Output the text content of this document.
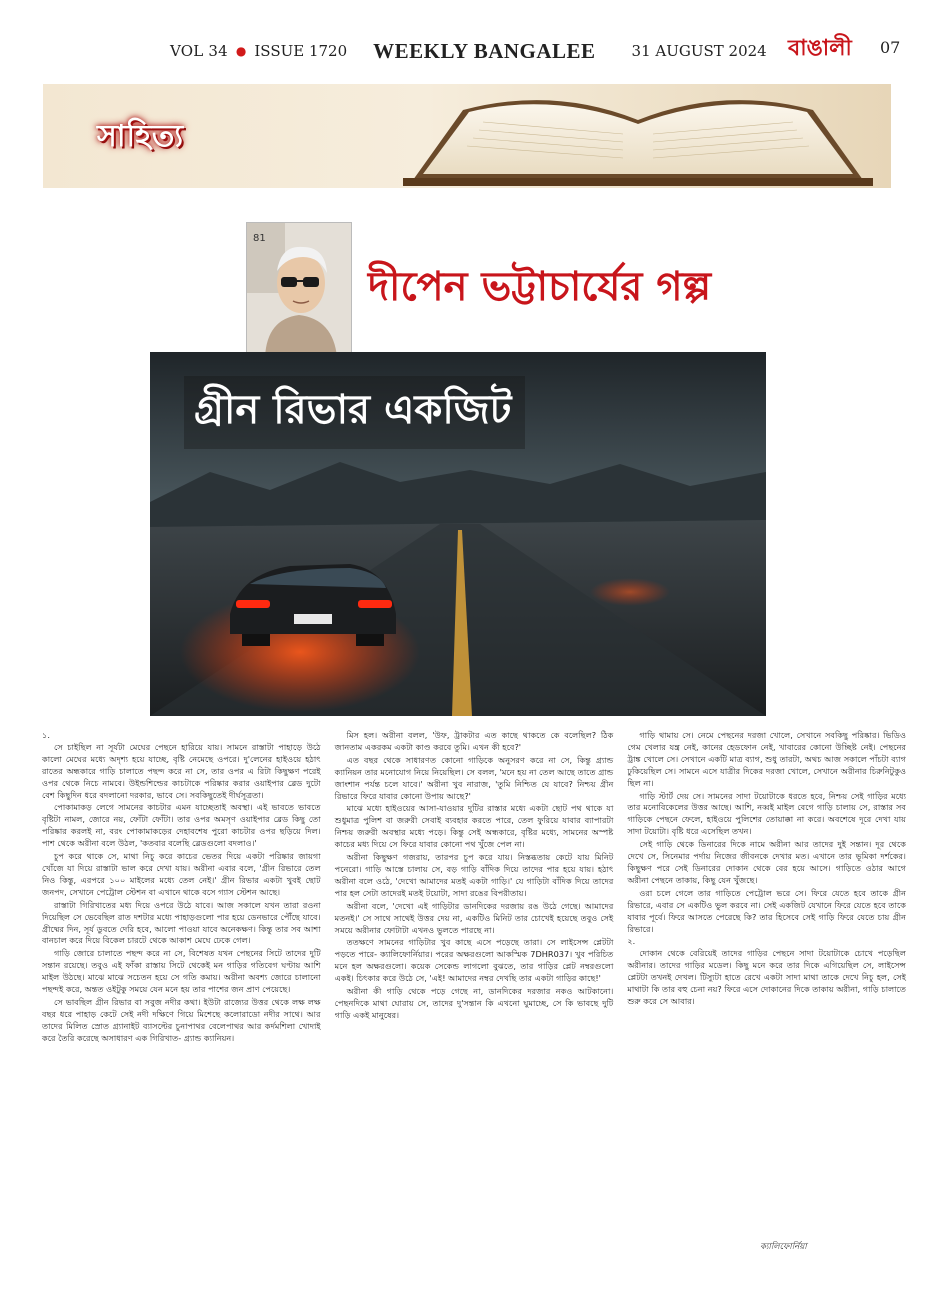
VOL 34 ● ISSUE 1720 WEEKLY BANGALEE 31 AUGUST 2024 বাঙালী 07
সাহিত্য
81
দীপেন ভট্টাচার্যের গল্প
গ্রীন রিভার একজিট

১.

সে চাইছিল না সূর্যটা মেঘের পেছনে হারিয়ে যায়। সামনে রাস্তাটা পাহাড়ে উঠে কালো মেঘের মধ্যে অদৃশ্য হয়ে যাচ্ছে, বৃষ্টি নেমেছে ওপরে। দু'লেনের হাইওয়ে হঠাৎ রাতের অন্ধকারে গাড়ি চালাতে পছন্দ করে না সে, তার ওপর এ রিটা কিছুক্ষণ পরেই ওপর থেকে নিচে নামবে। উইন্ডশিল্ডের কাচটাকে পরিষ্কার করার ওয়াইপার ব্লেড দুটো বেশ কিছুদিন ধরে বদলানো দরকার, ভাবে সে। সবকিছুতেই দীর্ঘসূত্রতা।

পোকামাকড় লেগে সামনের কাচটার এমন যাচ্ছেতাই অবস্থা। এই ভাবতে ভাবতে বৃষ্টিটা নামল, জোরে নয়, ফোঁটা ফোঁটা। তার ওপর অমসৃণ ওয়াইপার ব্লেড কিছু তো পরিষ্কার করলই না, বরং পোকামাকড়ের দেহাবশেষ পুরো কাচটার ওপর ছড়িয়ে দিল। পাশ থেকে অরীনা বলে উঠল, 'কতবার বলেছি ব্লেডগুলো বদলাও।'

চুপ করে থাকে সে, মাথা নিচু করে কাচের ভেতর দিয়ে একটা পরিষ্কার জায়গা খোঁজে যা দিয়ে রাস্তাটা ভাল করে দেখা যায়। অরীনা এবার বলে, 'গ্রীন রিভারে তেল নিও কিন্তু, এরপরে ১০০ মাইলের মধ্যে তেল নেই।' গ্রীন রিভার একটা খুবই ছোট জনপদ, সেখানে পেট্রোল স্টেশন বা এখানে থাকে বসে গ্যাস স্টেশন আছে।

রাস্তাটা গিরিখাতের মধ্য দিয়ে ওপরে উঠে যাবে। আজ সকালে যখন তারা রওনা দিয়েছিল সে ভেবেছিল রাত দশটার মধ্যে পাহাড়গুলো পার হয়ে ডেনভারে পৌঁছে যাবে। গ্রীষ্মের দিন, সূর্য ডুবতে দেরি হবে, আলো পাওয়া যাবে অনেকক্ষণ। কিন্তু তার সব আশা বানচাল করে দিয়ে বিকেল চারটে থেকে আকাশ মেঘে ঢেকে গেল।

গাড়ি জোরে চালাতে পছন্দ করে না সে, বিশেষত যখন পেছনের সিটে তাদের দুটি সন্তান রয়েছে। তবুও এই ফাঁকা রাস্তায় সিটে থেকেই মন গাড়ির গতিবেগ ঘণ্টায় আশি মাইল উঠছে। মাঝে মাঝে সচেতন হয়ে সে গতি কমায়। অরীনা অবশ্য জোরে চালানো পছন্দই করে, অন্তত ওইটুকু সময়ে যেন মনে হয় তার পাশের জন প্রাণ পেয়েছে।

সে ভাবছিল গ্রীন রিভার বা সবুজ নদীর কথা। ইউটা রাজ্যের উত্তর থেকে লক্ষ লক্ষ বছর ধরে পাহাড় কেটে সেই নদী দক্ষিণে গিয়ে মিশেছে কলোরাডো নদীর সাথে। আর তাদের মিলিত স্রোত গ্র্যানাইট ব্যাসল্টের চুনাপাথর বেলেপাথর আর কর্দমশিলা খোদাই করে তৈরি করেছে অসাধারণ এক গিরিখাত- গ্র্যান্ড ক্যানিয়ন।

মিস হল। অরীনা বলল, 'উফ, ট্রাকটার এত কাছে থাকতে কে বলেছিল? ঠিক জানতাম একরকম একটা কাণ্ড করবে তুমি। এখন কী হবে?'

এত বছর থেকে সাধারণত কোনো গাড়িকে অনুসরণ করে না সে, কিন্তু গ্র্যান্ড ক্যানিয়ন তার মনোযোগ নিয়ে নিয়েছিল। সে বলল, 'মনে হয় না তেল আছে তাতে গ্রান্ড জাংশান পর্যন্ত চলে যাবে।' অরীনা খুব নারাজ, 'তুমি নিশ্চিত যে যাবে? নিশ্চয় গ্রীন রিভারে ফিরে যাবার কোনো উপায় আছে?'

মাঝে মধ্যে হাইওয়ের আসা-যাওয়ার দুটির রাস্তার মধ্যে একটা ছোট পথ থাকে যা শুধুমাত্র পুলিশ বা জরুরী সেবাই ব্যবহার করতে পারে, তেল ফুরিয়ে যাবার ব্যাপারটা নিশ্চয় জরুরী অবস্থার মধ্যে পড়ে। কিন্তু সেই অন্ধকারে, বৃষ্টির মধ্যে, সামনের অস্পষ্ট কাচের মধ্য দিয়ে সে ফিরে যাবার কোনো পথ খুঁজে পেল না।

অরীনা কিছুক্ষণ গজরায়, তারপর চুপ করে যায়। নিস্তব্ধতায় কেটে যায় মিনিট পনেরো। গাড়ি আস্তে চালায় সে, বড় গাড়ি বাঁদিক দিয়ে তাদের পার হয়ে যায়। হঠাৎ অরীনা বলে ওঠে, 'দেখো আমাদের মতই একটা গাড়ি।' যে গাড়িটা বাঁদিক দিয়ে তাদের পার হল সেটা তাদেরই মতই টয়োটা, সাদা রঙের বিপরীতায়।

অরীনা বলে, 'দেখো এই গাড়িটার ডানদিকের দরজায় রঙ উঠে গেছে। আমাদের মতনই।' সে সাথে সাথেই উত্তর দেয় না, একটিও মিনিট তার চোখেই হয়েছে তবুও সেই সময়ে অরীনার ফোটাটা এখনও ভুলতে পারছে না।

ততক্ষণে সামনের গাড়িটার খুব কাছে এসে পড়েছে তারা। সে লাইসেন্স প্লেটটা পড়তে পারে- ক্যালিফোর্নিয়ার। পরের অক্ষরগুলো আকস্মিক 7DHR037। খুব পরিচিত মনে হল অক্ষরগুলো। কয়েক সেকেন্ড লাগলো বুঝতে, তার গাড়ির প্লেট নম্বরগুলো একই। চিৎকার করে উঠে সে, 'এই! আমাদের নম্বর দেখছি তার একটা গাড়ির কাছে!'

অরীনা কী গাড়ি থেকে পড়ে গেছে না, ডানদিকের দরজার নকও আটকানো। পেছনদিকে মাথা ঘোরায় সে, তাদের দু'সন্তান কি এখনো ঘুমাচ্ছে, সে কি ভাবছে দুটি গাড়ি একই মানুষের।

গাড়ি থামায় সে। নেমে পেছনের দরজা খোলে, সেখানে সবকিছু পরিষ্কার। ভিডিও গেম খেলার যন্ত্র নেই, কানের হেডফোন নেই, খাবারের কোনো উচ্ছিষ্ট নেই। পেছনের ট্রাঙ্ক খোলে সে। সেখানে একটি মাত্র ব্যাগ, শুধু তারটা, অথচ আজ সকালে পাঁচটা ব্যাগ ঢুকিয়েছিল সে। সামনে এসে যাত্রীর দিকের দরজা খোলে, সেখানে অরীনার চিরুনিটুকুও ছিল না।

গাড়ি স্টার্ট দেয় সে। সামনের সাদা টয়োটাকে ধরতে হবে, নিশ্চয় সেই গাড়ির মধ্যে তার মনোবিকেলের উত্তর আছে। আশি, নব্বই মাইল বেগে গাড়ি চালায় সে, রাস্তার সব গাড়িকে পেছনে ফেলে, হাইওয়ে পুলিশের তোয়াক্কা না করে। অবশেষে দূরে দেখা যায় সাদা টয়োটা। বৃষ্টি ধরে এসেছিল তখন।

সেই গাড়ি থেকে ডিনারের দিকে নামে অরীনা আর তাদের দুই সন্তান। দূর থেকে দেখে সে, সিনেমার পর্দায় নিজের জীবনকে দেখার মত। এখানে তার ভূমিকা দর্শকের। কিছুক্ষণ পরে সেই ডিনারের দোকান থেকে বের হয়ে আসে। গাড়িতে ওঠার আগে অরীনা পেছনে তাকায়, কিছু যেন খুঁজছে।

ওরা চলে গেলে তার গাড়িতে পেট্রোল ভরে সে। ফিরে যেতে হবে তাকে গ্রীন রিভারে, এবার সে একটিও ভুল করবে না। সেই একজিট যেখানে ফিরে যেতে হবে তাকে যাবার পূর্বে। ফিরে আসতে পেরেছে কি? তার হিসেবে সেই গাড়ি ফিরে যেতে চায় গ্রীন রিভারে।

২.

দোকান থেকে বেরিয়েই তাদের গাড়ির পেছনে সাদা টয়োটাকে চোখে পড়েছিল অরীনার। তাদের গাড়ির মডেল। কিছু মনে করে তার দিকে এগিয়েছিল সে, লাইসেন্স প্লেটটা তখনই দেখল। টিস্যুটা হাতে রেখে একটা সাদা মাথা তাকে দেখে নিচু হল, সেই মাথাটা কি তার বহু চেনা নয়? ফিরে এসে দোকানের দিকে তাকায় অরীনা, গাড়ি চালাতে শুরু করে সে আবার।

ক্যালিফোর্নিয়া
